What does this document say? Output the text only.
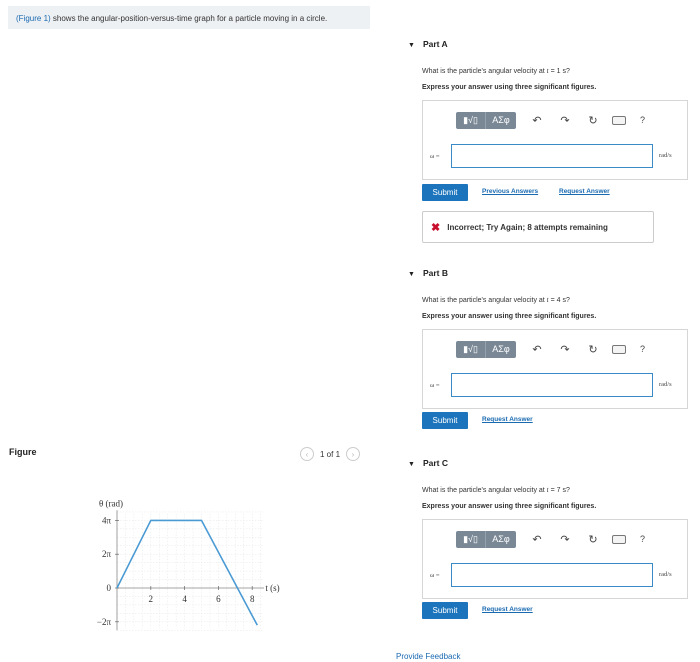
(Figure 1) shows the angular-position-versus-time graph for a particle moving in a circle.
▼ Part A
What is the particle's angular velocity at t = 1 s?
Express your answer using three significant figures.
▮√▯	ΑΣφ	↶ ↷ ↻	?
ω =	rad/s
Submit	Previous Answers	Request Answer
✖ Incorrect; Try Again; 8 attempts remaining
▼ Part B
What is the particle's angular velocity at t = 4 s?
Express your answer using three significant figures.
▮√▯	ΑΣφ	↶ ↷ ↻	?
ω =	rad/s
Submit	Request Answer
▼ Part C
What is the particle's angular velocity at t = 7 s?
Express your answer using three significant figures.
▮√▯	ΑΣφ	↶ ↷ ↻	?
ω =	rad/s
Submit	Request Answer
Provide Feedback
Figure	‹	1 of 1	›
2	4	6	8
4π
2π
0
−2π
θ (rad)
t (s)
